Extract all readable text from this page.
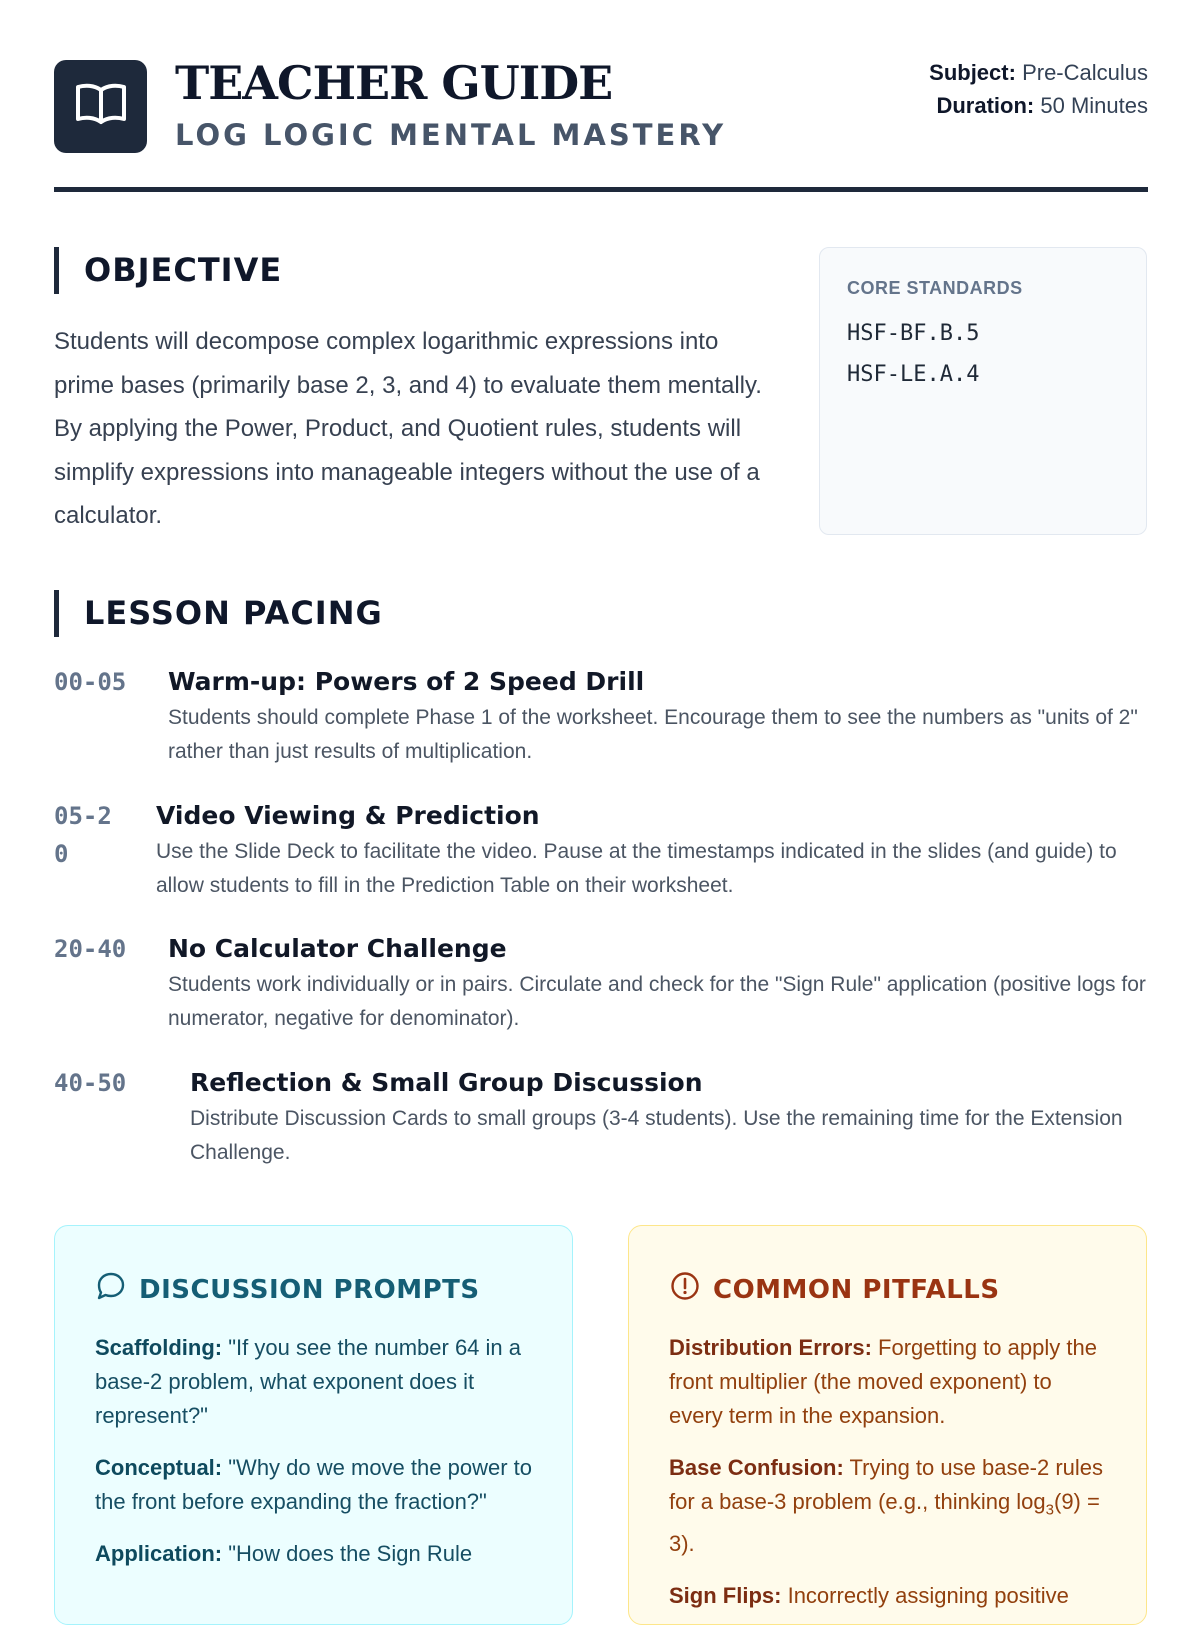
TEACHER GUIDE
LOG LOGIC MENTAL MASTERY
Subject: Pre-Calculus
Duration: 50 Minutes
OBJECTIVE

Students will decompose complex logarithmic expressions into prime bases (primarily base 2, 3, and 4) to evaluate them mentally. By applying the Power, Product, and Quotient rules, students will simplify expressions into manageable integers without the use of a calculator.

CORE STANDARDS
HSF-BF.B.5
HSF-LE.A.4
LESSON PACING
00-05 Warm-up: Powers of 2 Speed Drill
Students should complete Phase 1 of the worksheet. Encourage them to see the numbers as "units of 2" rather than just results of multiplication.
05-20
Video Viewing & Prediction
Use the Slide Deck to facilitate the video. Pause at the timestamps indicated in the slides (and guide) to allow students to fill in the Prediction Table on their worksheet.
20-40 No Calculator Challenge
Students work individually or in pairs. Circulate and check for the "Sign Rule" application (positive logs for numerator, negative for denominator).
40-50	Reflection & Small Group Discussion
Distribute Discussion Cards to small groups (3-4 students). Use the remaining time for the Extension Challenge.
DISCUSSION PROMPTS

Scaffolding: "If you see the number 64 in a base-2 problem, what exponent does it represent?"

Conceptual: "Why do we move the power to the front before expanding the fraction?"

Application: "How does the Sign Rule

COMMON PITFALLS

Distribution Errors: Forgetting to apply the front multiplier (the moved exponent) to every term in the expansion.

Base Confusion: Trying to use base-2 rules for a base-3 problem (e.g., thinking $\log_3(9) = 3$).

Sign Flips: Incorrectly assigning positive
